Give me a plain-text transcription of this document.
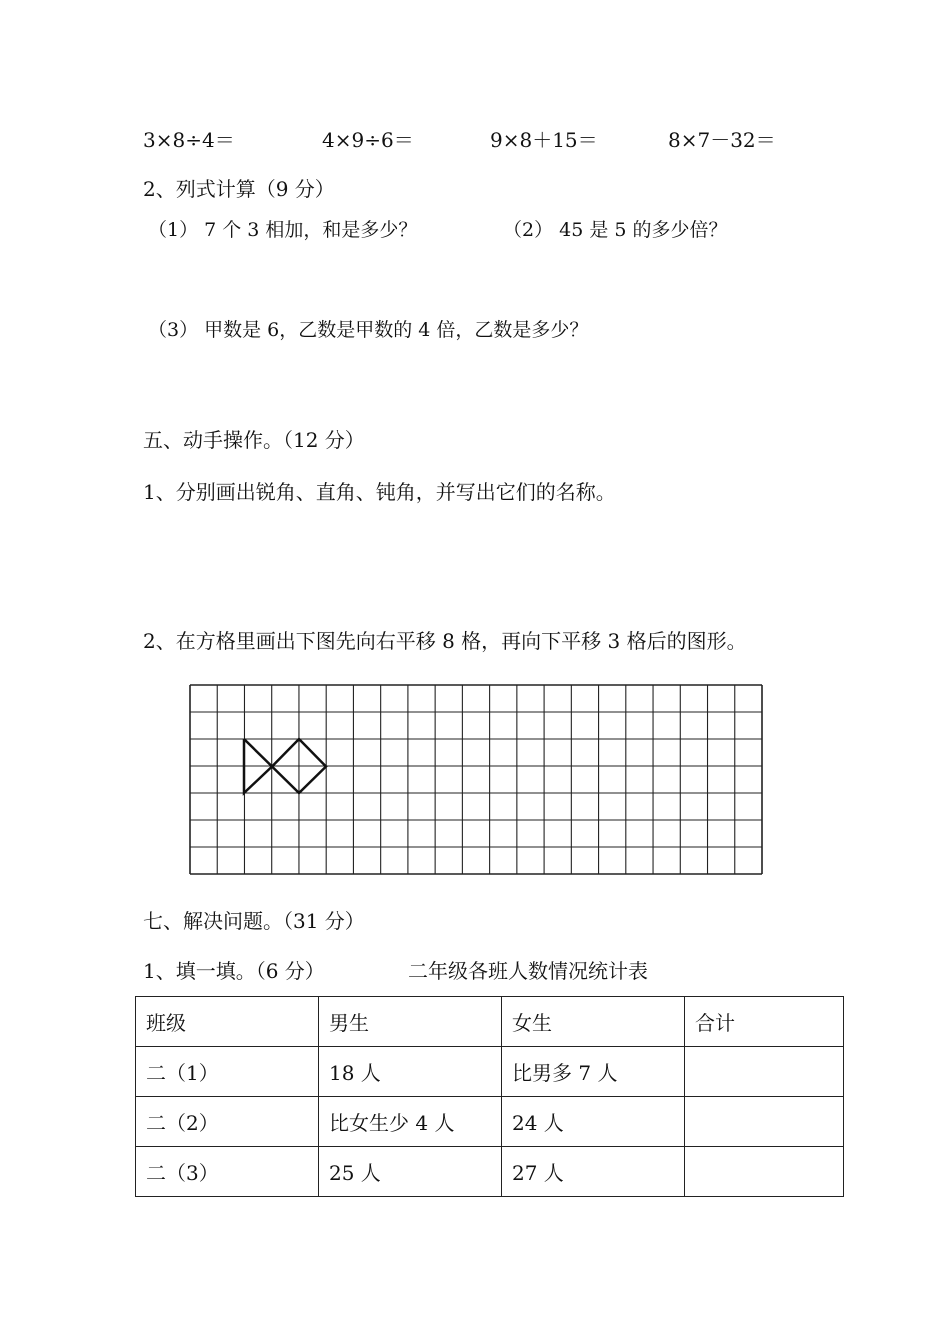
3×8÷4＝	4×9÷6＝	9×8＋15＝	8×7－32＝
2、列式计算（9 分）
（1） 7 个 3 相加，和是多少？	（2） 45 是 5 的多少倍？
（3） 甲数是 6，乙数是甲数的 4 倍，乙数是多少？
五、动手操作。（12 分）
1、分别画出锐角、直角、钝角，并写出它们的名称。
2、在方格里画出下图先向右平移 8 格，再向下平移 3 格后的图形。
七、解决问题。（31 分）
1、填一填。（6 分）	二年级各班人数情况统计表
班级	男生	女生	合计
二（1）	18 人	比男多 7 人	
二（2）	比女生少 4 人	24 人	
二（3）	25 人	27 人	
